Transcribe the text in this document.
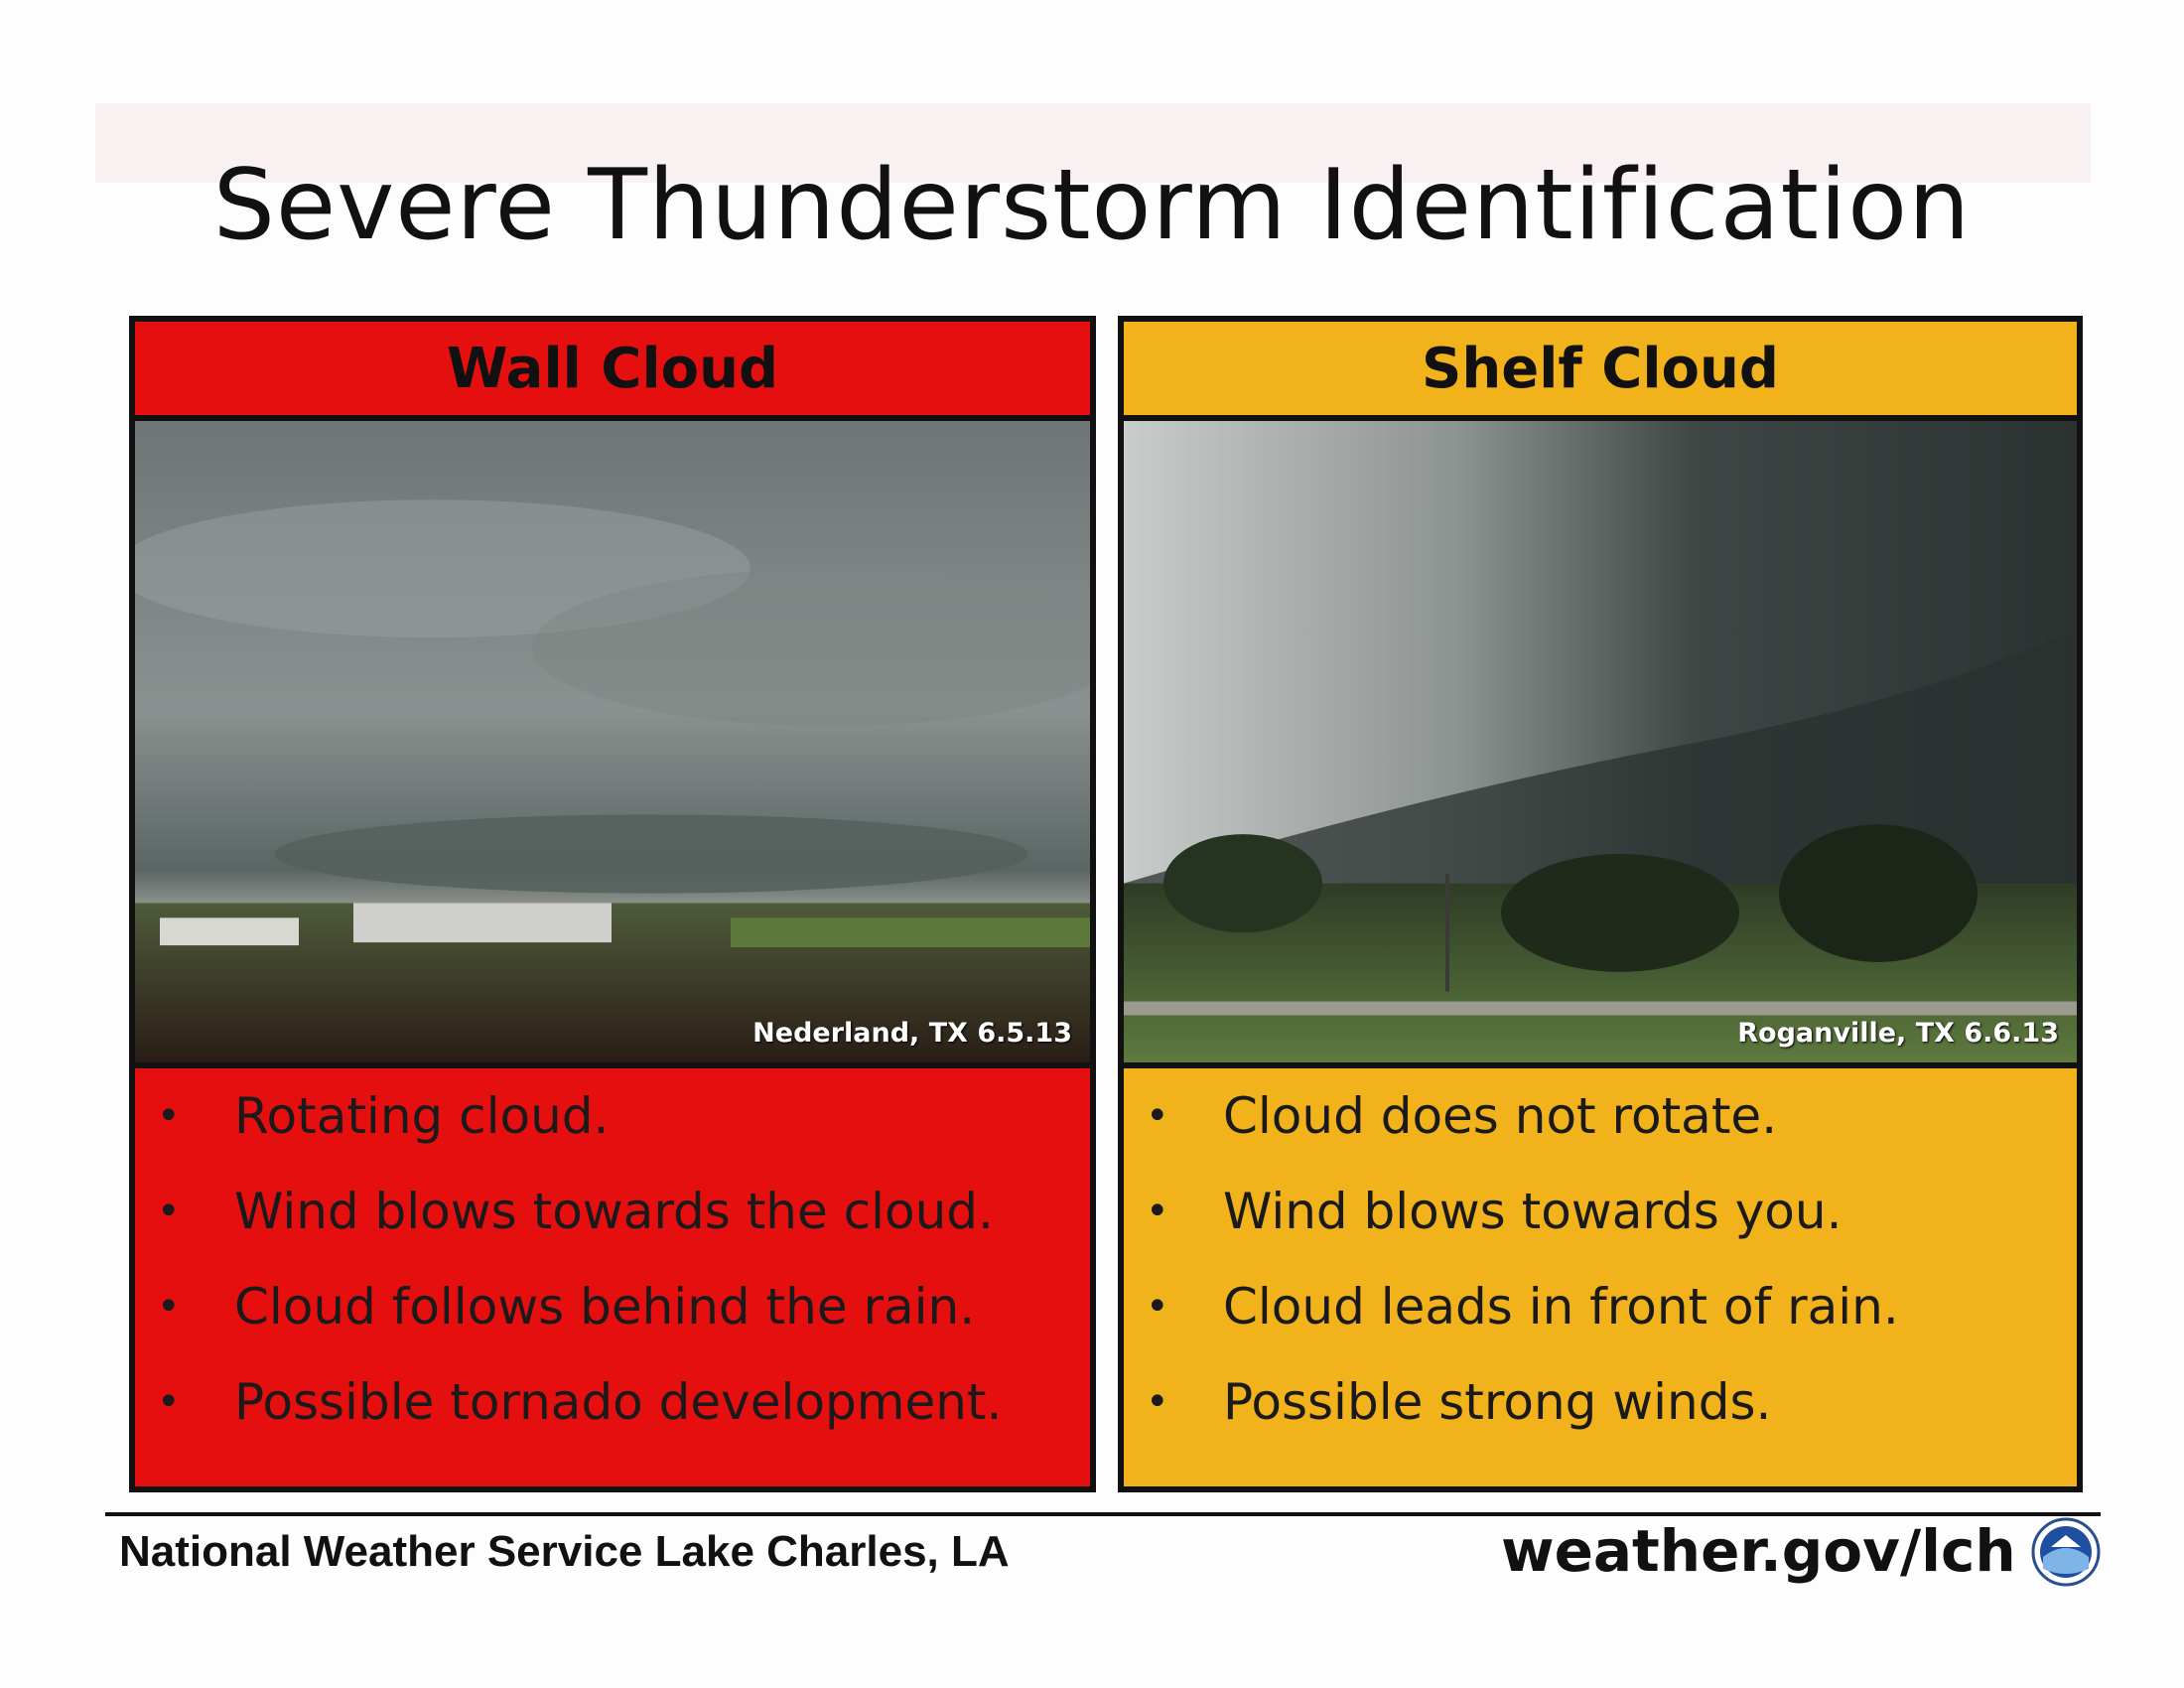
Severe Thunderstorm Identification
Wall Cloud
Nederland, TX 6.5.13
• Rotating cloud.
• Wind blows towards the cloud.
• Cloud follows behind the rain.
• Possible tornado development.
Shelf Cloud
Roganville, TX 6.6.13
• Cloud does not rotate.
• Wind blows towards you.
• Cloud leads in front of rain.
• Possible strong winds.
National Weather Service Lake Charles, LA	weather.gov/lch
